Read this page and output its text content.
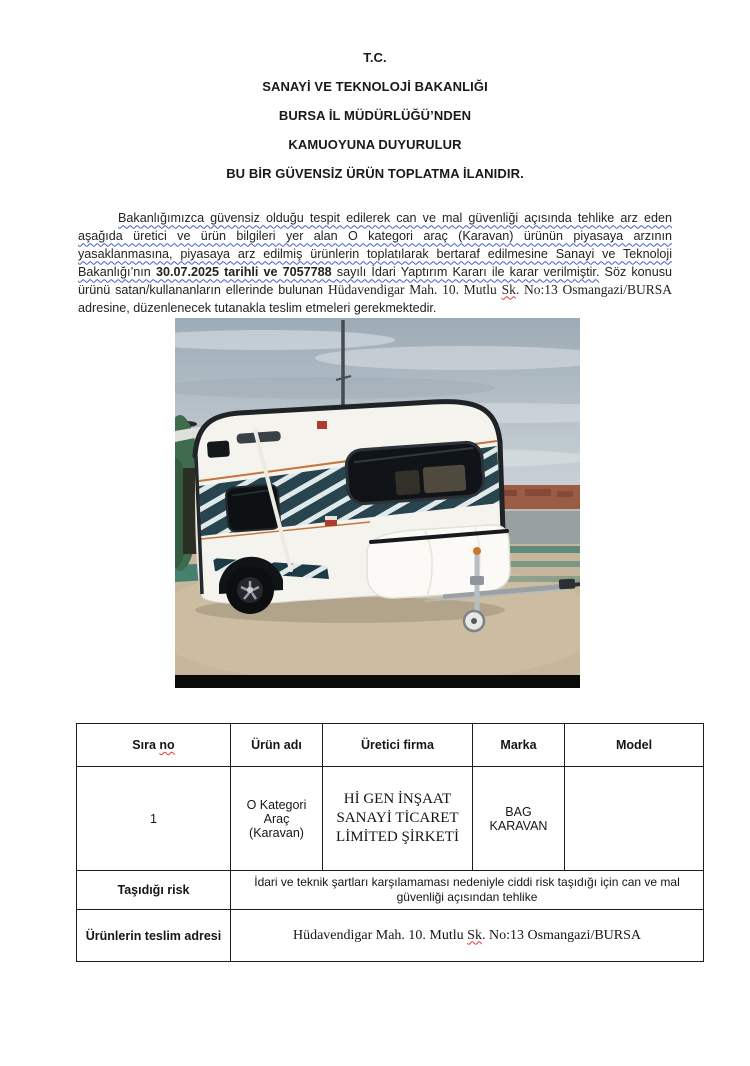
T.C.
SANAYİ VE TEKNOLOJİ BAKANLIĞI
BURSA İL MÜDÜRLÜĞÜ’NDEN
KAMUOYUNA DUYURULUR
BU BİR GÜVENSİZ ÜRÜN TOPLATMA İLANIDIR.

Bakanlığımızca güvensiz olduğu tespit edilerek can ve mal güvenliği açısında tehlike arz eden aşağıda üretici ve ürün bilgileri yer alan O kategori araç (Karavan) ürünün piyasaya arzının yasaklanmasına, piyasaya arz edilmiş ürünlerin toplatılarak bertaraf edilmesine Sanayi ve Teknoloji Bakanlığı’nın 30.07.2025 tarihli ve 7057788 sayılı İdari Yaptırım Kararı ile karar verilmiştir. Söz konusu ürünü satan/kullananların ellerinde bulunan Hüdavendigar Mah. 10. Mutlu Sk. No:13 Osmangazi/BURSA adresine, düzenlenecek tutanakla teslim etmeleri gerekmektedir.

Sıra no	Ürün adı	Üretici firma	Marka	Model
1	O Kategori Araç (Karavan)	Hİ GEN İNŞAAT SANAYİ TİCARET LİMİTED ŞİRKETİ	BAG KARAVAN	
Taşıdığı risk	İdari ve teknik şartları karşılamaması nedeniyle ciddi risk taşıdığı için can ve mal güvenliği açısından tehlike			
Ürünlerin teslim adresi	Hüdavendigar Mah. 10. Mutlu Sk. No:13 Osmangazi/BURSA			
